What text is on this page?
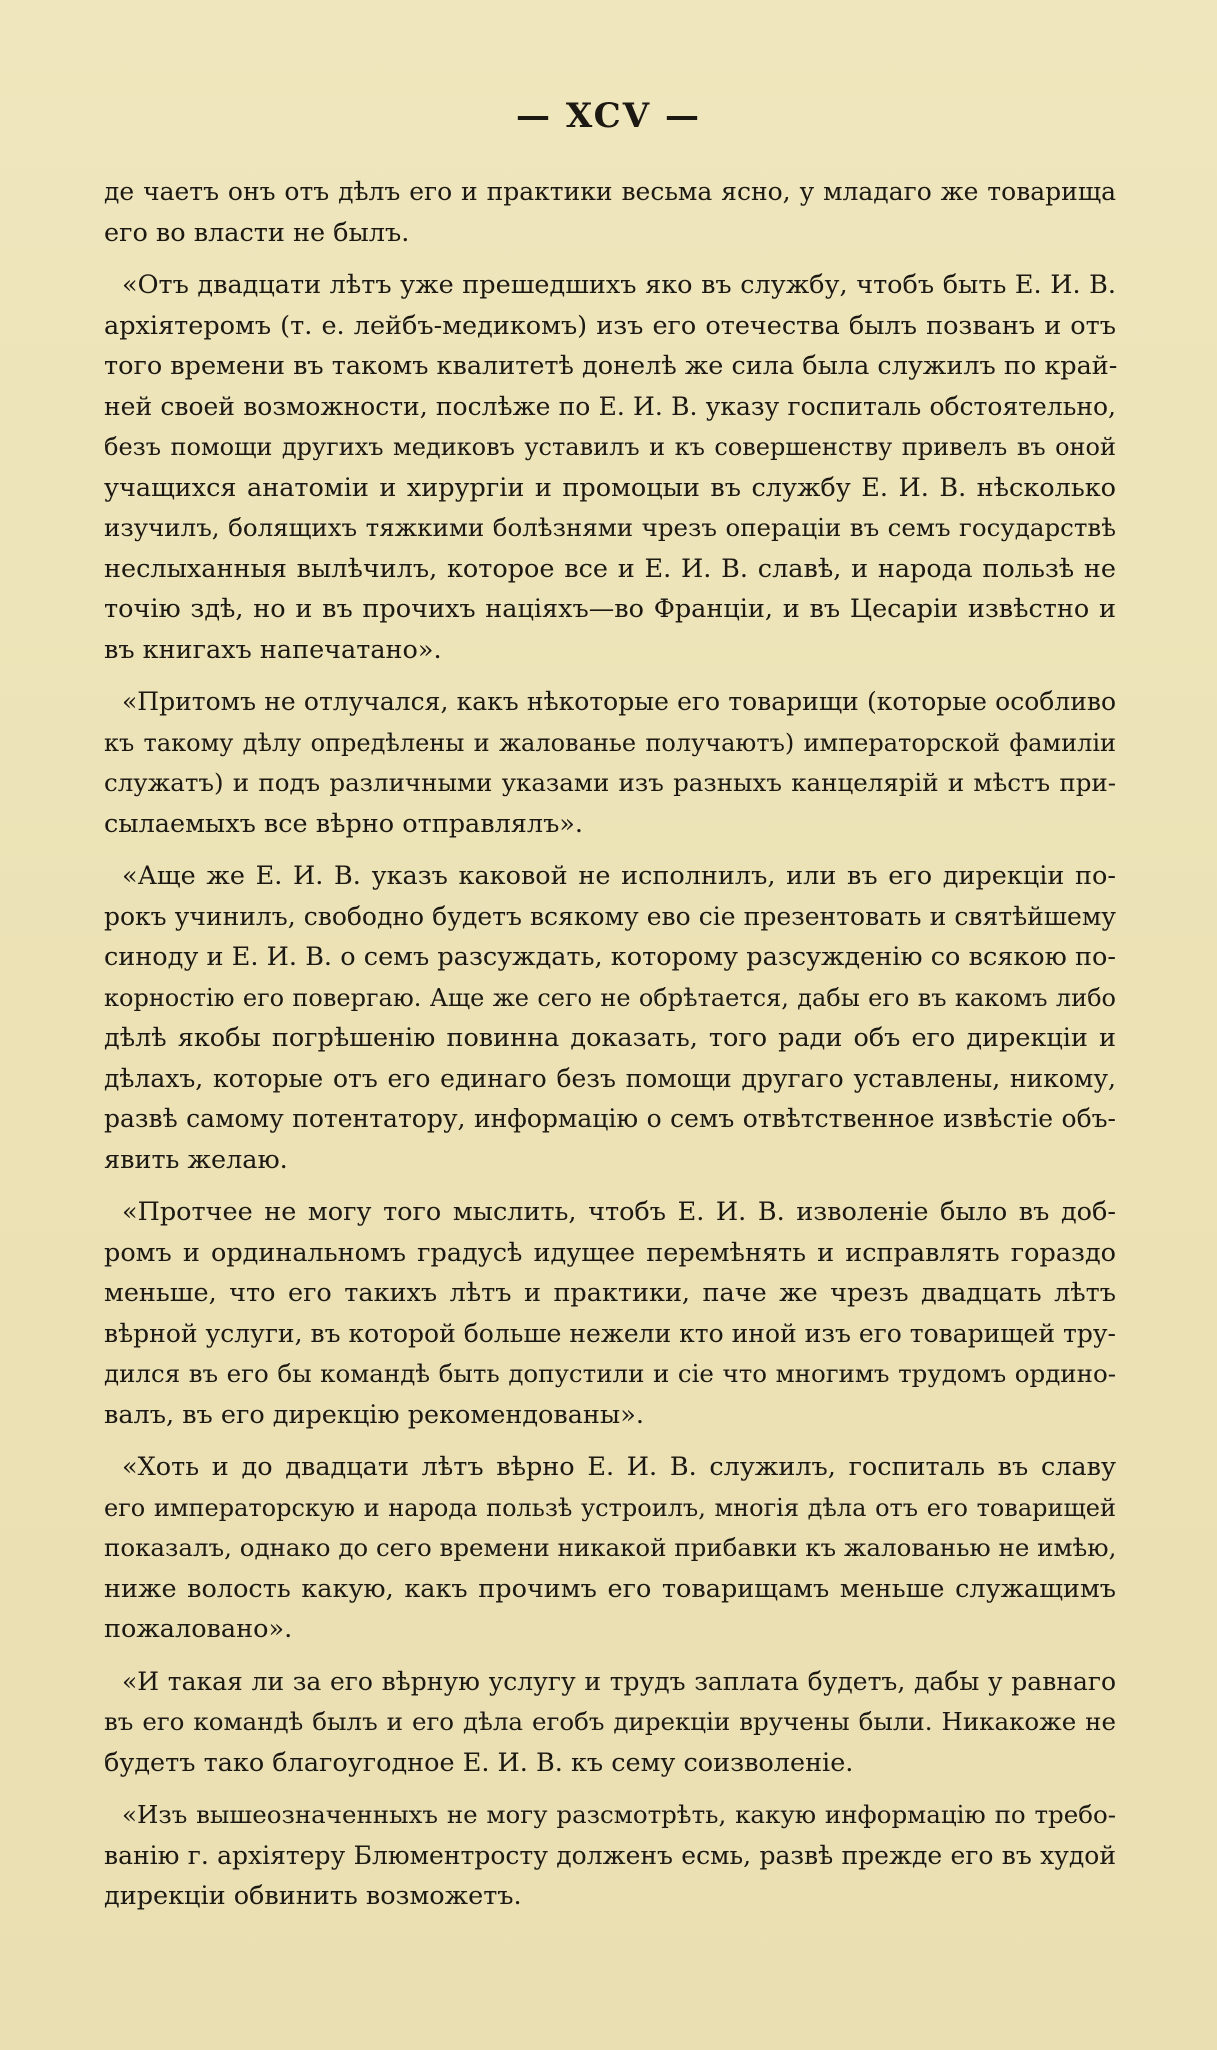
— XCV —
де чаетъ онъ отъ дѣлъ его и практики весьма ясно, у младаго же товарища
его во власти не былъ.
«Отъ двадцати лѣтъ уже прешедшихъ яко въ службу, чтобъ быть Е. И. В.
архіятеромъ (т. е. лейбъ-медикомъ) изъ его отечества былъ позванъ и отъ
того времени въ такомъ квалитетѣ донелѣ же сила была служилъ по край-
ней своей возможности, послѣже по Е. И. В. указу госпиталь обстоятельно,
безъ помощи другихъ медиковъ уставилъ и къ совершенству привелъ въ оной
учащихся анатоміи и хирургіи и промоцыи въ службу Е. И. В. нѣсколько
изучилъ, болящихъ тяжкими болѣзнями чрезъ операціи въ семъ государствѣ
неслыханныя вылѣчилъ, которое все и Е. И. В. славѣ, и народа пользѣ не
точію здѣ, но и въ прочихъ націяхъ—во Франціи, и въ Цесаріи извѣстно и
въ книгахъ напечатано».
«Притомъ не отлучался, какъ нѣкоторые его товарищи (которые особливо
къ такому дѣлу опредѣлены и жалованье получаютъ) императорской фамиліи
служатъ) и подъ различными указами изъ разныхъ канцелярій и мѣстъ при-
сылаемыхъ все вѣрно отправлялъ».
«Аще же Е. И. В. указъ каковой не исполнилъ, или въ его дирекціи по-
рокъ учинилъ, свободно будетъ всякому ево сіе презентовать и святѣйшему
синоду и Е. И. В. о семъ разсуждать, которому разсужденію со всякою по-
корностію его повергаю. Аще же сего не обрѣтается, дабы его въ какомъ либо
дѣлѣ якобы погрѣшенію повинна доказать, того ради объ его дирекціи и
дѣлахъ, которые отъ его единаго безъ помощи другаго уставлены, никому,
развѣ самому потентатору, информацію о семъ отвѣтственное извѣстіе объ-
явить желаю.
«Протчее не могу того мыслить, чтобъ Е. И. В. изволеніе было въ доб-
ромъ и ординальномъ градусѣ идущее перемѣнять и исправлять гораздо
меньше, что его такихъ лѣтъ и практики, паче же чрезъ двадцать лѣтъ
вѣрной услуги, въ которой больше нежели кто иной изъ его товарищей тру-
дился въ его бы командѣ быть допустили и сіе что многимъ трудомъ ордино-
валъ, въ его дирекцію рекомендованы».
«Хоть и до двадцати лѣтъ вѣрно Е. И. В. служилъ, госпиталь въ славу
его императорскую и народа пользѣ устроилъ, многія дѣла отъ его товарищей
показалъ, однако до сего времени никакой прибавки къ жалованью не имѣю,
ниже волость какую, какъ прочимъ его товарищамъ меньше служащимъ
пожаловано».
«И такая ли за его вѣрную услугу и трудъ заплата будетъ, дабы у равнаго
въ его командѣ былъ и его дѣла егобъ дирекціи вручены были. Никакоже не
будетъ тако благоугодное Е. И. В. къ сему соизволеніе.
«Изъ вышеозначенныхъ не могу разсмотрѣть, какую информацію по требо-
ванію г. архіятеру Блюментросту долженъ есмь, развѣ прежде его въ худой
дирекціи обвинить возможетъ.
